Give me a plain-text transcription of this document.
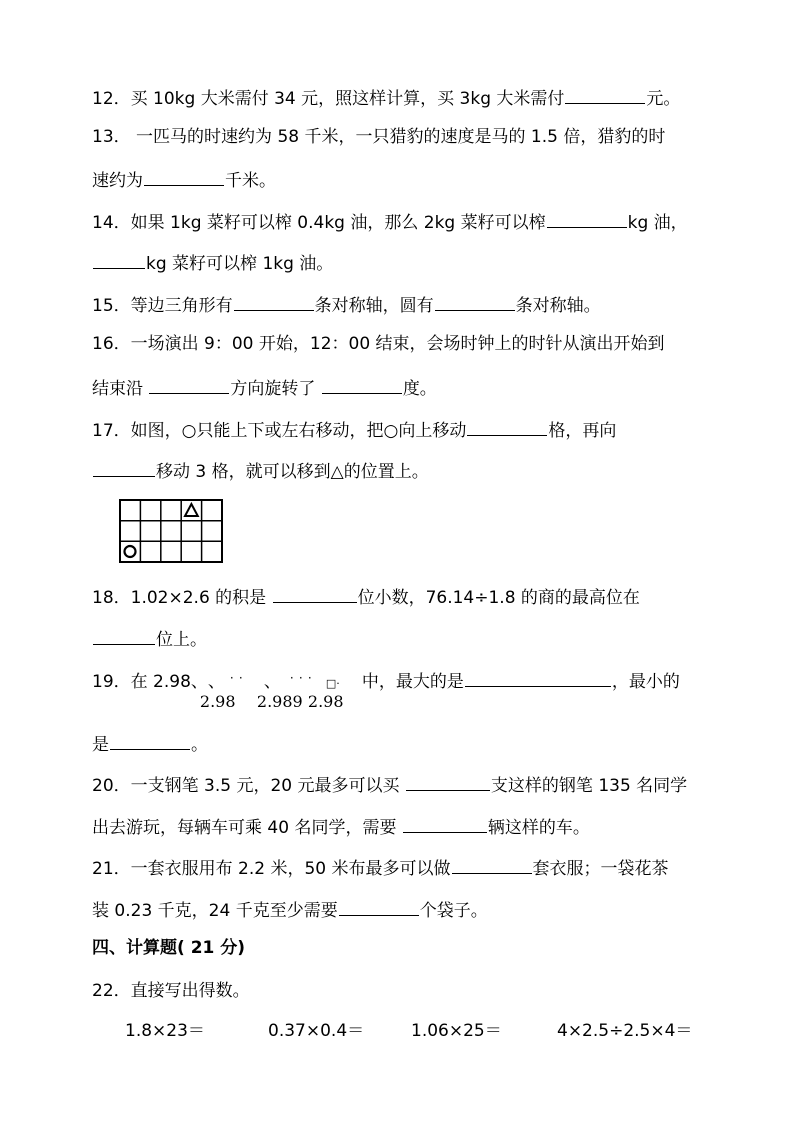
12．买 10kg 大米需付 34 元，照这样计算，买 3kg 大米需付	元。
13． 一匹马的时速约为 58 千米，一只猎豹的速度是马的 1.5 倍，猎豹的时
速约为	千米。
14．如果 1kg 菜籽可以榨 0.4kg 油，那么 2kg 菜籽可以榨	kg 油，
kg 菜籽可以榨 1kg 油。
15．等边三角形有	条对称轴，圆有	条对称轴。
16．一场演出 9：00 开始，12：00 结束，会场时钟上的时针从演出开始到
结束沿	方向旋转了	度。
17．如图，○只能上下或左右移动，把○向上移动	格，再向
移动 3 格，就可以移到△的位置上。
18．1.02×2.6 的积是	位小数，76.14÷1.8 的商的最高位在
位上。
19．在 2.98、 · ·
、
2.98
· · ·
、
2.989
□·
2.98
中，最大的是	，最小的
是	。
20．一支钢笔 3.5 元，20 元最多可以买	支这样的钢笔 135 名同学
出去游玩，每辆车可乘 40 名同学，需要	辆这样的车。
21．一套衣服用布 2.2 米，50 米布最多可以做	套衣服；一袋花茶
装 0.23 千克，24 千克至少需要	个袋子。
四、计算题( 21 分)
22．直接写出得数。
1.8×23＝	0.37×0.4＝	1.06×25＝	4×2.5÷2.5×4＝
